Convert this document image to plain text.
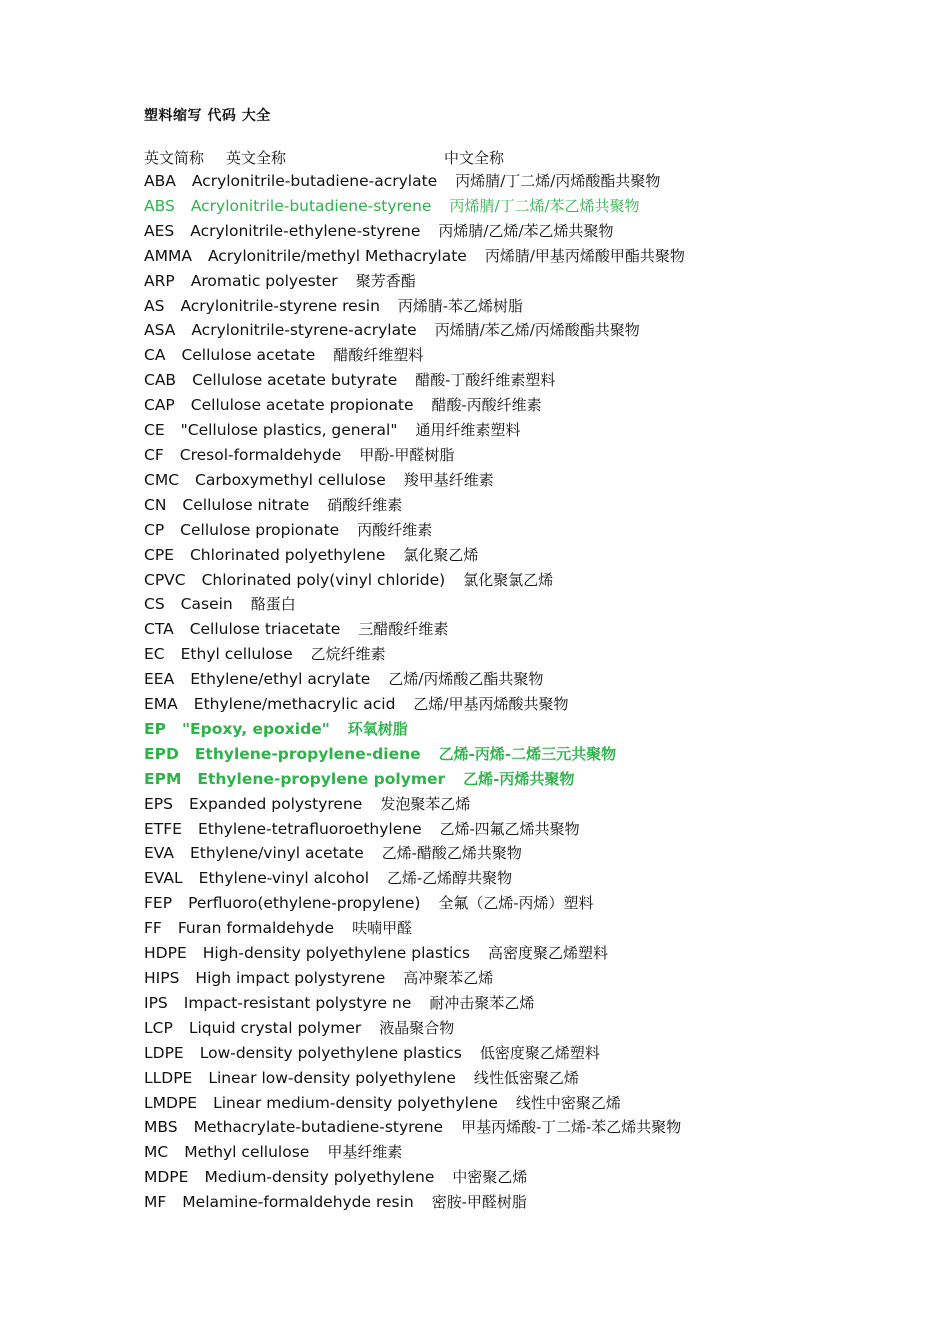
塑料缩写 代码 大全
英文简称 英文全称	中文全称
ABA Acrylonitrile-butadiene-acrylate 丙烯腈/丁二烯/丙烯酸酯共聚物
ABS Acrylonitrile-butadiene-styrene 丙烯腈/丁二烯/苯乙烯共聚物
AES Acrylonitrile-ethylene-styrene 丙烯腈/乙烯/苯乙烯共聚物
AMMA Acrylonitrile/methyl Methacrylate 丙烯腈/甲基丙烯酸甲酯共聚物
ARP Aromatic polyester 聚芳香酯
AS Acrylonitrile-styrene resin 丙烯腈-苯乙烯树脂
ASA Acrylonitrile-styrene-acrylate 丙烯腈/苯乙烯/丙烯酸酯共聚物
CA Cellulose acetate 醋酸纤维塑料
CAB Cellulose acetate butyrate 醋酸-丁酸纤维素塑料
CAP Cellulose acetate propionate 醋酸-丙酸纤维素
CE "Cellulose plastics, general" 通用纤维素塑料
CF Cresol-formaldehyde 甲酚-甲醛树脂
CMC Carboxymethyl cellulose 羧甲基纤维素
CN Cellulose nitrate 硝酸纤维素
CP Cellulose propionate 丙酸纤维素
CPE Chlorinated polyethylene 氯化聚乙烯
CPVC Chlorinated poly(vinyl chloride) 氯化聚氯乙烯
CS Casein 酪蛋白
CTA Cellulose triacetate 三醋酸纤维素
EC Ethyl cellulose 乙烷纤维素
EEA Ethylene/ethyl acrylate 乙烯/丙烯酸乙酯共聚物
EMA Ethylene/methacrylic acid 乙烯/甲基丙烯酸共聚物
EP "Epoxy, epoxide" 环氧树脂
EPD Ethylene-propylene-diene 乙烯-丙烯-二烯三元共聚物
EPM Ethylene-propylene polymer 乙烯-丙烯共聚物
EPS Expanded polystyrene 发泡聚苯乙烯
ETFE Ethylene-tetrafluoroethylene 乙烯-四氟乙烯共聚物
EVA Ethylene/vinyl acetate 乙烯-醋酸乙烯共聚物
EVAL Ethylene-vinyl alcohol 乙烯-乙烯醇共聚物
FEP Perfluoro(ethylene-propylene) 全氟（乙烯-丙烯）塑料
FF Furan formaldehyde 呋喃甲醛
HDPE High-density polyethylene plastics 高密度聚乙烯塑料
HIPS High impact polystyrene 高冲聚苯乙烯
IPS Impact-resistant polystyre ne 耐冲击聚苯乙烯
LCP Liquid crystal polymer 液晶聚合物
LDPE Low-density polyethylene plastics 低密度聚乙烯塑料
LLDPE Linear low-density polyethylene 线性低密聚乙烯
LMDPE Linear medium-density polyethylene 线性中密聚乙烯
MBS Methacrylate-butadiene-styrene 甲基丙烯酸-丁二烯-苯乙烯共聚物
MC Methyl cellulose 甲基纤维素
MDPE Medium-density polyethylene 中密聚乙烯
MF Melamine-formaldehyde resin 密胺-甲醛树脂
